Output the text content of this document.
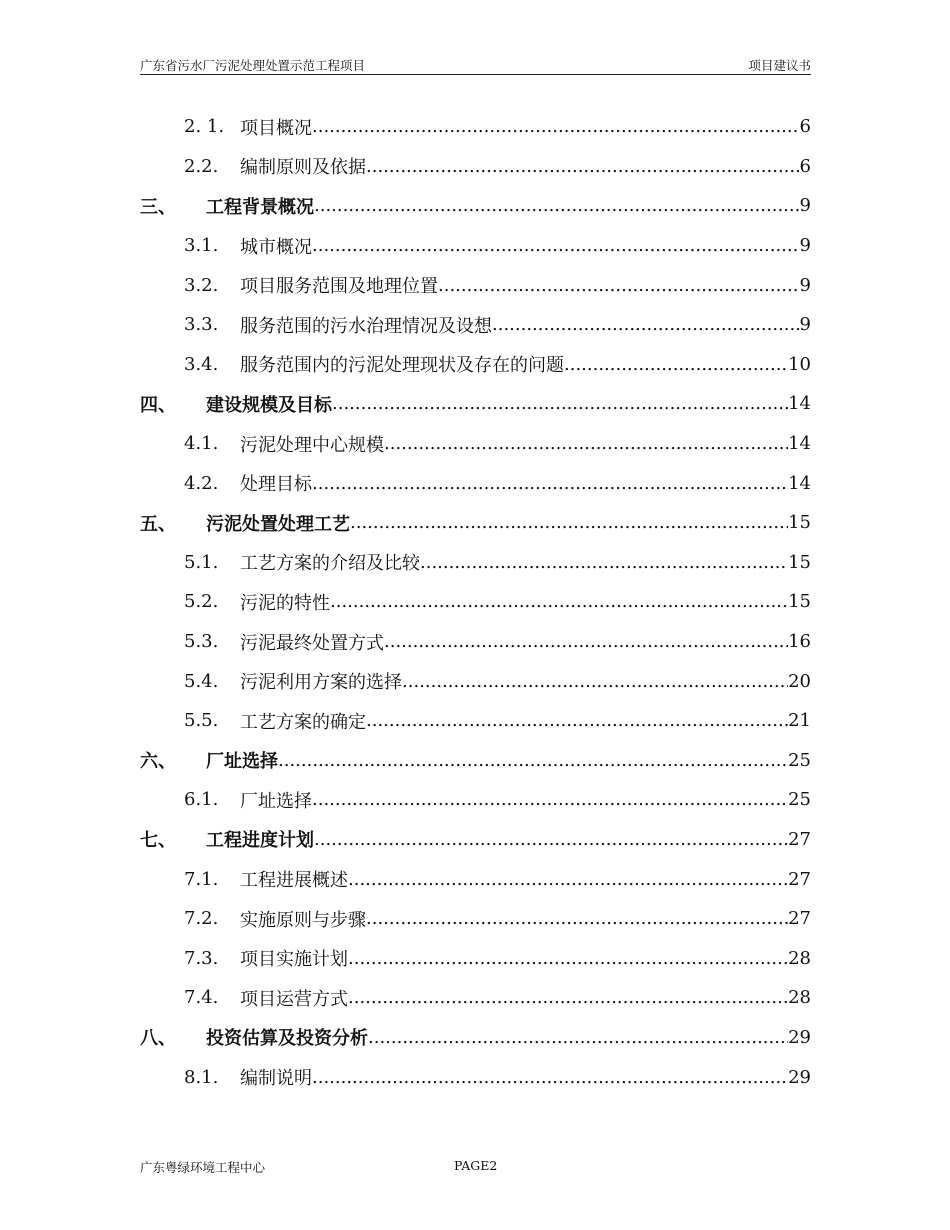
广东省污水厂污泥处理处置示范工程项目	项目建议书
2. 1. 项目概况 .....	6
2.2.	编制原则及依据 .....	6
三、	工程背景概况 .....	9
3.1.	城市概况 .....	9
3.2.	项目服务范围及地理位置 .....	9
3.3.	服务范围的污水治理情况及设想 .....	9
3.4.	服务范围内的污泥处理现状及存在的问题 .....	10
四、	建设规模及目标 .....	14
4.1.	污泥处理中心规模 .....	14
4.2.	处理目标 .....	14
五、	污泥处置处理工艺 .....	15
5.1.	工艺方案的介绍及比较 .....	15
5.2.	污泥的特性 .....	15
5.3.	污泥最终处置方式 .....	16
5.4.	污泥利用方案的选择 .....	20
5.5.	工艺方案的确定 .....	21
六、	厂址选择 .....	25
6.1.	厂址选择 .....	25
七、	工程进度计划 .....	27
7.1.	工程进展概述 .....	27
7.2.	实施原则与步骤 .....	27
7.3.	项目实施计划 .....	28
7.4.	项目运营方式 .....	28
八、	投资估算及投资分析 .....	29
8.1.	编制说明 .....	29
广东粤绿环境工程中心	PAGE2
